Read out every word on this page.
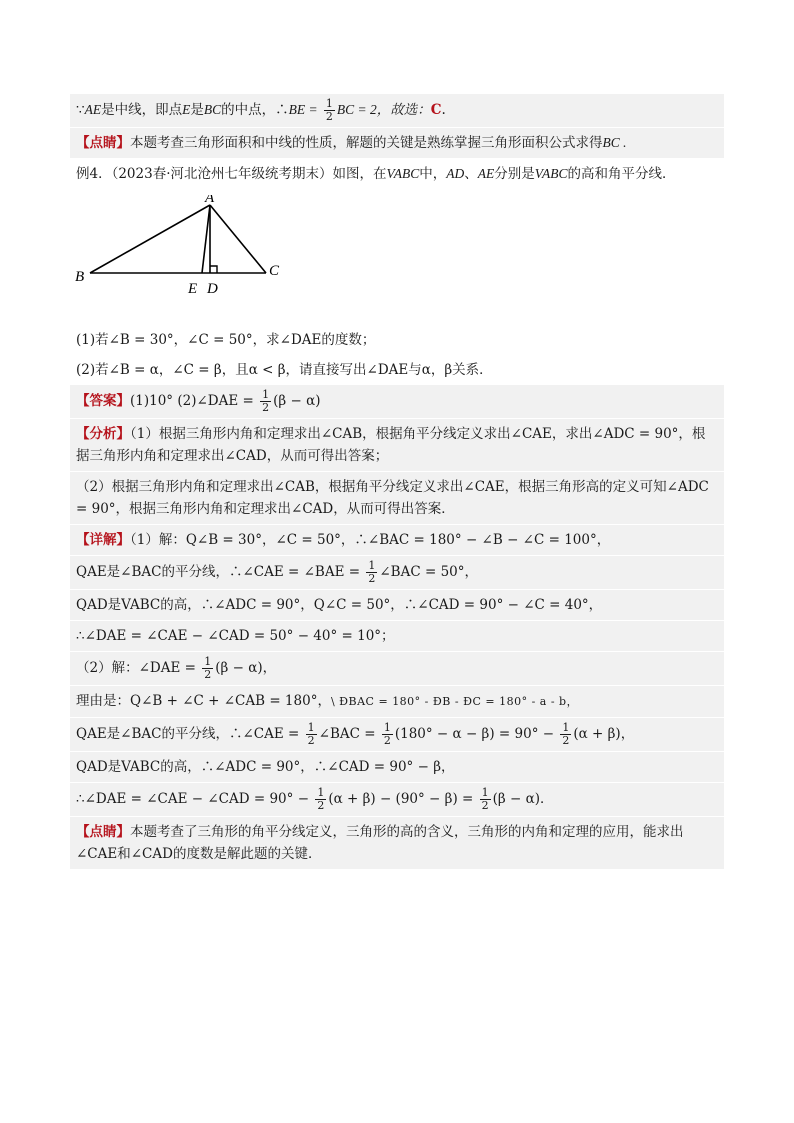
∵AE是中线，即点E是BC的中点，∴BE = $\frac{1}{2}$ BC = 2，故选：C.
【点睛】本题考查三角形面积和中线的性质，解题的关键是熟练掌握三角形面积公式求得BC .
例4．（2023春·河北沧州七年级统考期末）如图，在VABC中，AD、AE分别是VABC的高和角平分线．
A
B	C
D
E
(1)若∠B = 30°，∠C = 50°，求∠DAE的度数；
(2)若∠B = α，∠C = β，且α < β，请直接写出∠DAE与α，β关系．
【答案】(1)10° (2)∠DAE = $\frac{1}{2} (\beta - \alpha)$
【分析】（1）根据三角形内角和定理求出∠CAB，根据角平分线定义求出∠CAE，求出∠ADC = 90°，根据三角形内角和定理求出∠CAD，从而可得出答案；
（2）根据三角形内角和定理求出∠CAB，根据角平分线定义求出∠CAE，根据三角形高的定义可知∠ADC = 90°，根据三角形内角和定理求出∠CAD，从而可得出答案．
【详解】（1）解：Q∠B = 30°，∠C = 50°，∴∠BAC = 180° − ∠B − ∠C = 100°，
QAE是∠BAC的平分线，∴∠CAE = ∠BAE = $\frac{1}{2}$ ∠BAC = 50°，
QAD是VABC的高，∴∠ADC = 90°，Q∠C = 50°，∴∠CAD = 90° − ∠C = 40°，
∴∠DAE = ∠CAE − ∠CAD = 50° − 40° = 10°；
（2）解：∠DAE = $\frac{1}{2} (\beta - \alpha)$，
理由是：Q∠B + ∠C + ∠CAB = 180°，\ ÐBAC = 180° - ÐB - ÐC = 180° - a - b，
QAE是∠BAC的平分线，∴∠CAE = $\frac{1}{2}$ ∠BAC = $\frac{1}{2} (180^\circ - \alpha - \beta) = 90^\circ - \frac{1}{2} (\alpha + \beta)$，
QAD是VABC的高，∴∠ADC = 90°，∴∠CAD = 90° − β，
∴∠DAE = ∠CAE − ∠CAD = $90^\circ - \frac{1}{2} (\alpha + \beta) - (90^\circ - \beta) = \frac{1}{2} (\beta - \alpha)$．
【点睛】本题考查了三角形的角平分线定义，三角形的高的含义，三角形的内角和定理的应用，能求出∠CAE和∠CAD的度数是解此题的关键．
